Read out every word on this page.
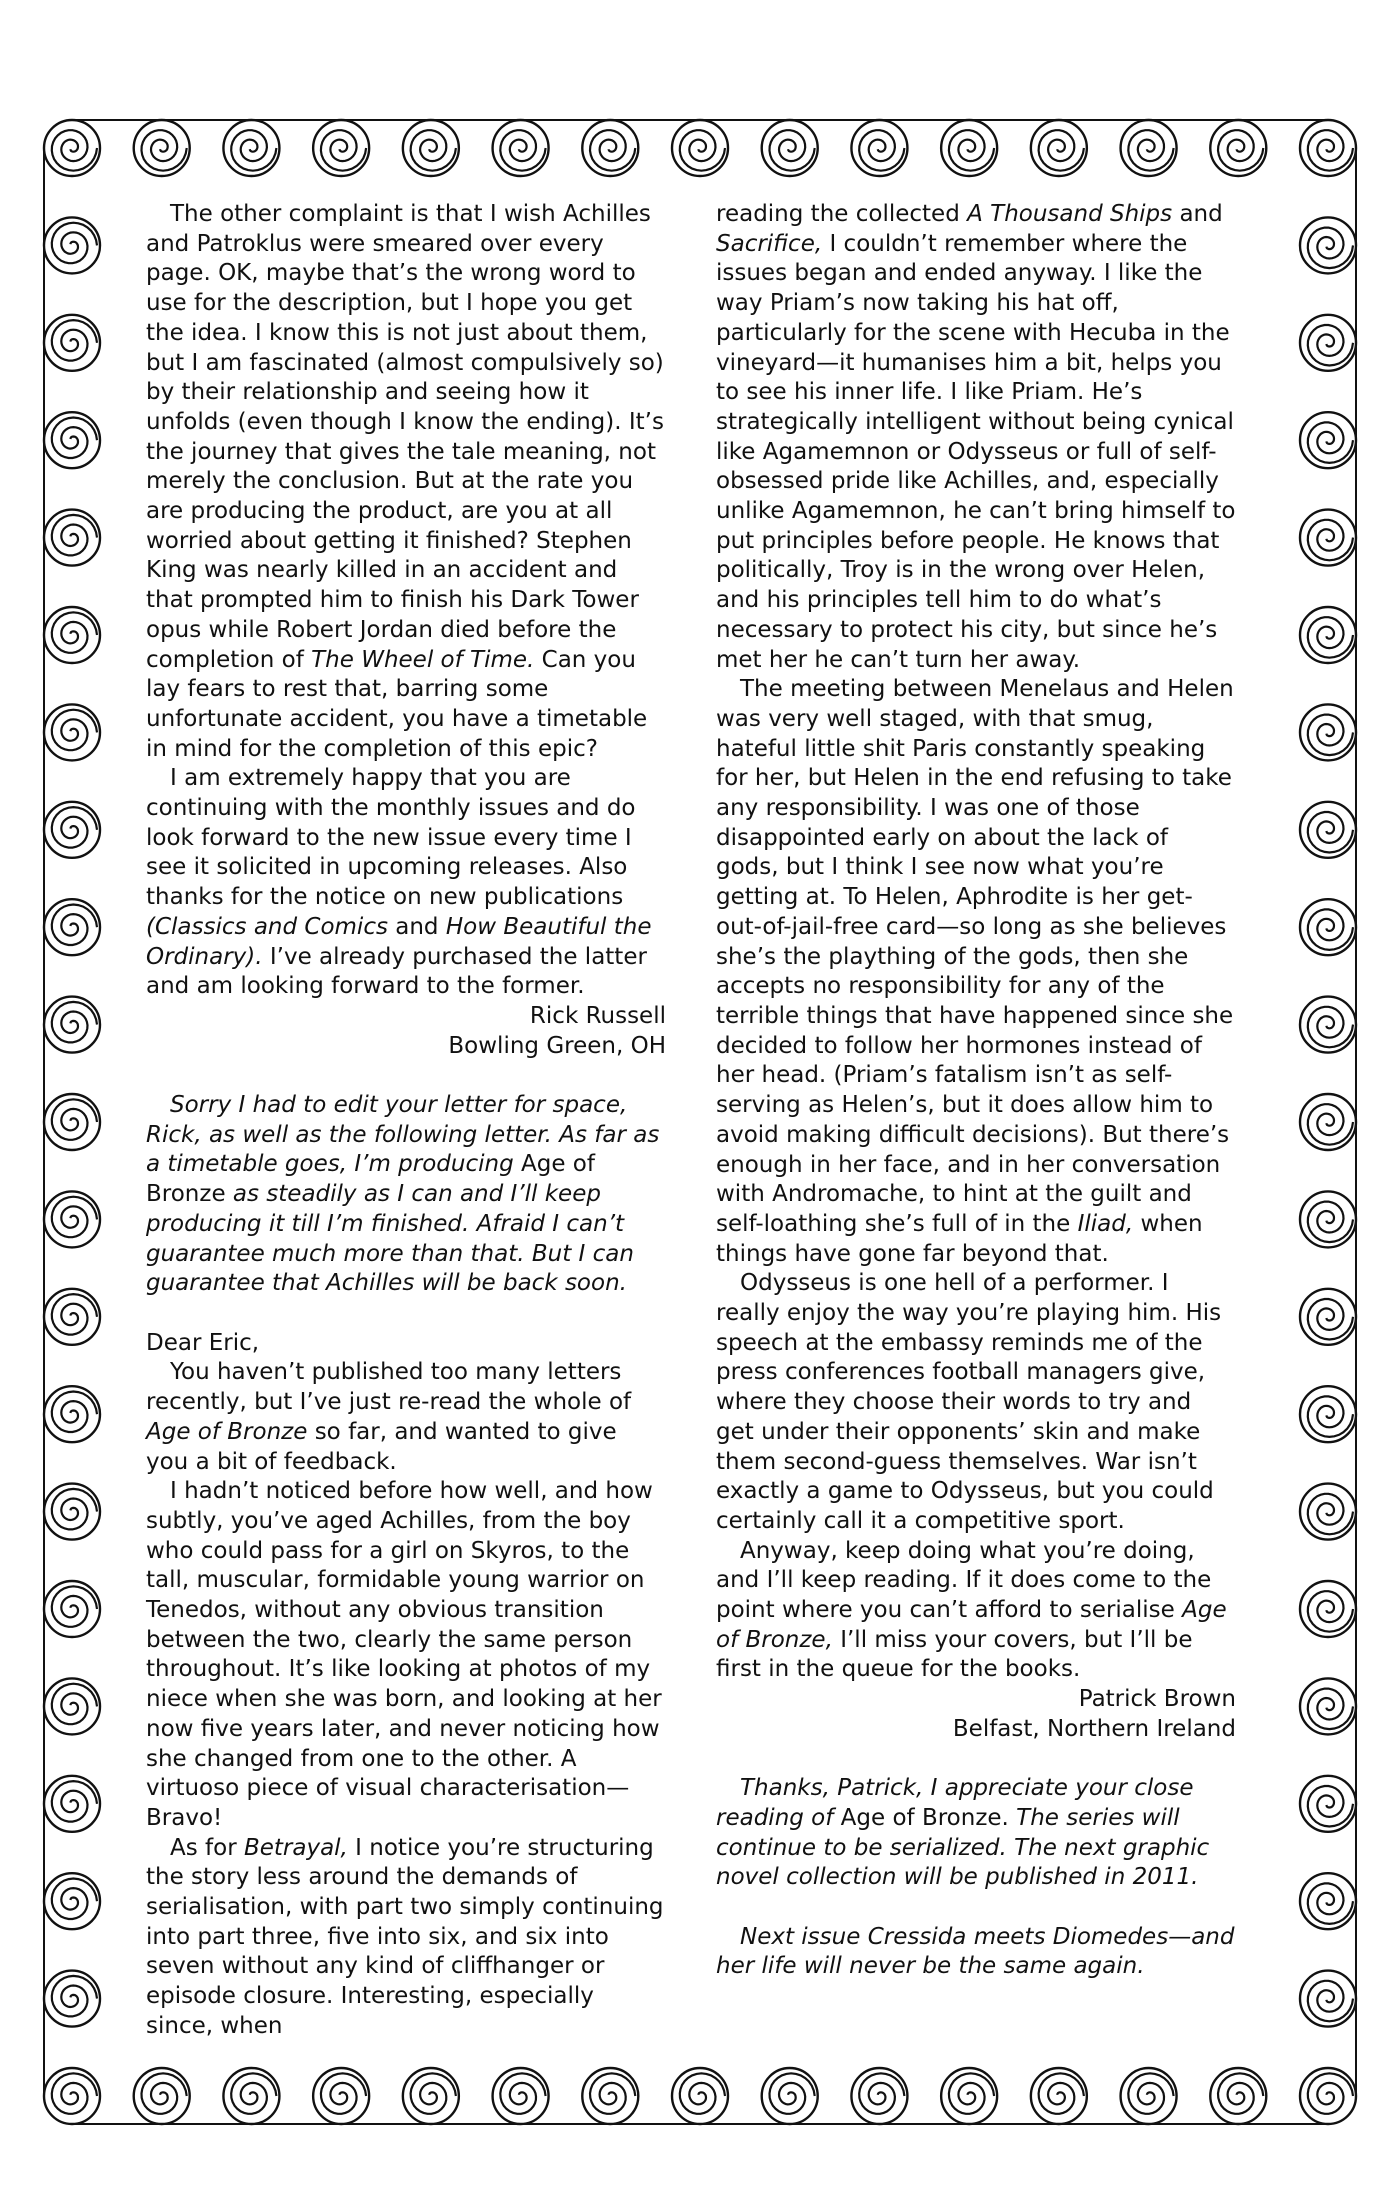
The other complaint is that I wish Achilles and Patroklus were smeared over every page. OK, maybe that’s the wrong word to use for the description, but I hope you get the idea. I know this is not just about them, but I am fascinated (almost compulsively so) by their relationship and seeing how it unfolds (even though I know the ending). It’s the journey that gives the tale meaning, not merely the conclusion. But at the rate you are producing the product, are you at all worried about getting it finished? Stephen King was nearly killed in an accident and that prompted him to finish his Dark Tower opus while Robert Jordan died before the completion of The Wheel of Time. Can you lay fears to rest that, barring some unfortunate accident, you have a timetable in mind for the completion of this epic?

I am extremely happy that you are continuing with the monthly issues and do look forward to the new issue every time I see it solicited in upcoming releases. Also thanks for the notice on new publications (Classics and Comics and How Beautiful the Ordinary). I’ve already purchased the latter and am looking forward to the former.

Rick Russell

Bowling Green, OH

Sorry I had to edit your letter for space, Rick, as well as the following letter. As far as a timetable goes, I’m producing Age of Bronze as steadily as I can and I’ll keep producing it till I’m finished. Afraid I can’t guarantee much more than that. But I can guarantee that Achilles will be back soon.

Dear Eric,

You haven’t published too many letters recently, but I’ve just re-read the whole of Age of Bronze so far, and wanted to give you a bit of feedback.

I hadn’t noticed before how well, and how subtly, you’ve aged Achilles, from the boy who could pass for a girl on Skyros, to the tall, muscular, formidable young warrior on Tenedos, without any obvious transition between the two, clearly the same person throughout. It’s like looking at photos of my niece when she was born, and looking at her now five years later, and never noticing how she changed from one to the other. A virtuoso piece of visual characterisation—Bravo!

As for Betrayal, I notice you’re structuring the story less around the demands of serialisation, with part two simply continuing into part three, five into six, and six into seven without any kind of cliffhanger or episode closure. Interesting, especially since, when

reading the collected A Thousand Ships and Sacrifice, I couldn’t remember where the issues began and ended anyway. I like the way Priam’s now taking his hat off, particularly for the scene with Hecuba in the vineyard—it humanises him a bit, helps you to see his inner life. I like Priam. He’s strategically intelligent without being cynical like Agamemnon or Odysseus or full of self-obsessed pride like Achilles, and, especially unlike Agamemnon, he can’t bring himself to put principles before people. He knows that politically, Troy is in the wrong over Helen, and his principles tell him to do what’s necessary to protect his city, but since he’s met her he can’t turn her away.

The meeting between Menelaus and Helen was very well staged, with that smug, hateful little shit Paris constantly speaking for her, but Helen in the end refusing to take any responsibility. I was one of those disappointed early on about the lack of gods, but I think I see now what you’re getting at. To Helen, Aphrodite is her get-out-of-jail-free card—so long as she believes she’s the plaything of the gods, then she accepts no responsibility for any of the terrible things that have happened since she decided to follow her hormones instead of her head. (Priam’s fatalism isn’t as self-serving as Helen’s, but it does allow him to avoid making difficult decisions). But there’s enough in her face, and in her conversation with Andromache, to hint at the guilt and self-loathing she’s full of in the Iliad, when things have gone far beyond that.

Odysseus is one hell of a performer. I really enjoy the way you’re playing him. His speech at the embassy reminds me of the press conferences football managers give, where they choose their words to try and get under their opponents’ skin and make them second-guess themselves. War isn’t exactly a game to Odysseus, but you could certainly call it a competitive sport.

Anyway, keep doing what you’re doing, and I’ll keep reading. If it does come to the point where you can’t afford to serialise Age of Bronze, I’ll miss your covers, but I’ll be first in the queue for the books.

Patrick Brown

Belfast, Northern Ireland

Thanks, Patrick, I appreciate your close reading of Age of Bronze. The series will continue to be serialized. The next graphic novel collection will be published in 2011.

Next issue Cressida meets Diomedes—and her life will never be the same again.
